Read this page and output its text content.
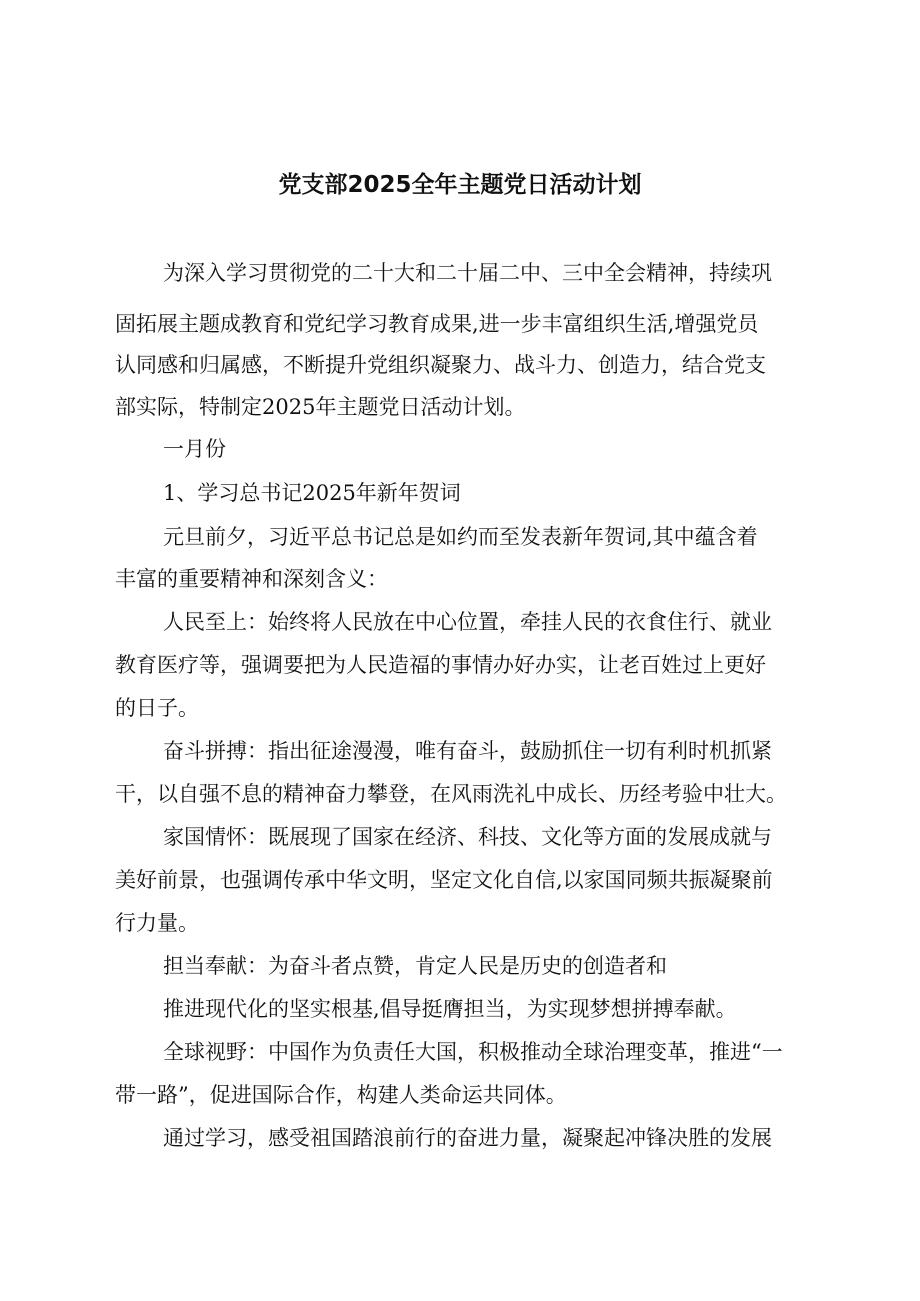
党支部2025全年主题党日活动计划
为深入学习贯彻党的二十大和二十届二中、三中全会精神，持续巩
固拓展主题成教育和党纪学习教育成果,进一步丰富组织生活,增强党员
认同感和归属感，不断提升党组织凝聚力、战斗力、创造力，结合党支
部实际，特制定2025年主题党日活动计划。
一月份
1、学习总书记2025年新年贺词
元旦前夕，习近平总书记总是如约而至发表新年贺词,其中蕴含着
丰富的重要精神和深刻含义：
人民至上：始终将人民放在中心位置，牵挂人民的衣食住行、就业
教育医疗等，强调要把为人民造福的事情办好办实，让老百姓过上更好
的日子。
奋斗拼搏：指出征途漫漫，唯有奋斗，鼓励抓住一切有利时机抓紧
干，以自强不息的精神奋力攀登，在风雨洗礼中成长、历经考验中壮大。
家国情怀：既展现了国家在经济、科技、文化等方面的发展成就与
美好前景，也强调传承中华文明，坚定文化自信,以家国同频共振凝聚前
行力量。
担当奉献：为奋斗者点赞，肯定人民是历史的创造者和
推进现代化的坚实根基,倡导挺膺担当，为实现梦想拼搏奉献。
全球视野：中国作为负责任大国，积极推动全球治理变革，推进“一
带一路”，促进国际合作，构建人类命运共同体。
通过学习，感受祖国踏浪前行的奋进力量，凝聚起冲锋决胜的发展
